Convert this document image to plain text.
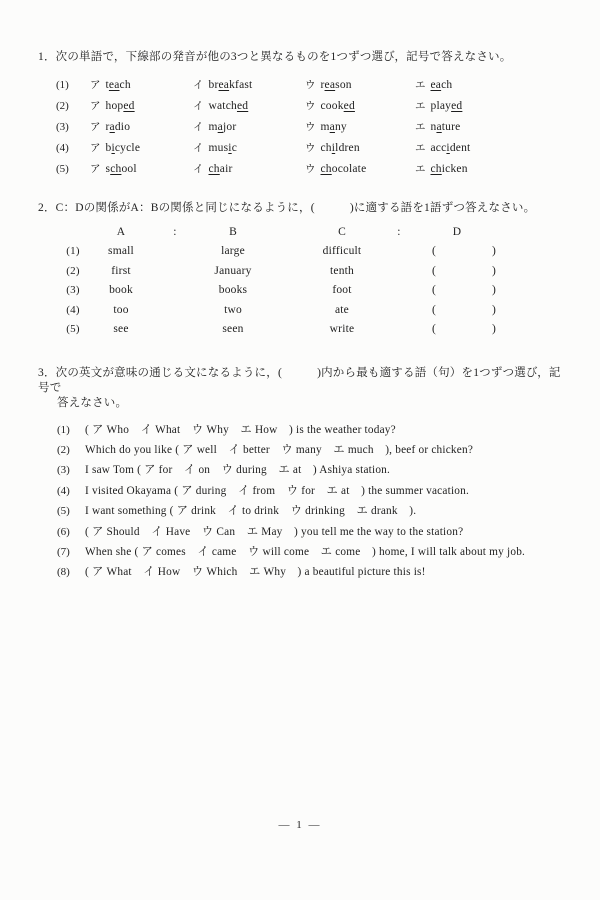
1．次の単語で，下線部の発音が他の3つと異なるものを1つずつ選び，記号で答えなさい。
(1)	ア teach	イ breakfast	ウ reason	エ each
(2)	ア hoped	イ watched	ウ cooked	エ played
(3)	ア radio	イ major	ウ many	エ nature
(4)	ア bicycle	イ music	ウ children	エ accident
(5)	ア school	イ chair	ウ chocolate	エ chicken
2．C：Dの関係がA：Bの関係と同じになるように，(　　　)に適する語を1語ずつ答えなさい。
A	:	B	C	:	D
(1)	small	large	difficult	(	)
(2)	first	January	tenth	(	)
(3)	book	books	foot	(	)
(4)	too	two	ate	(	)
(5)	see	seen	write	(	)
3．次の英文が意味の通じる文になるように，(　　　)内から最も適する語（句）を1つずつ選び，記号で
答えなさい。
(1)	( ア Who　イ What　ウ Why　エ How　) is the weather today?
(2)	Which do you like ( ア well　イ better　ウ many　エ much　), beef or chicken?
(3)	I saw Tom ( ア for　イ on　ウ during　エ at　) Ashiya station.
(4)	I visited Okayama ( ア during　イ from　ウ for　エ at　) the summer vacation.
(5)	I want something ( ア drink　イ to drink　ウ drinking　エ drank　).
(6)	( ア Should　イ Have　ウ Can　エ May　) you tell me the way to the station?
(7)	When she ( ア comes　イ came　ウ will come　エ come　) home, I will talk about my job.
(8)	( ア What　イ How　ウ Which　エ Why　) a beautiful picture this is!
— 1 —
